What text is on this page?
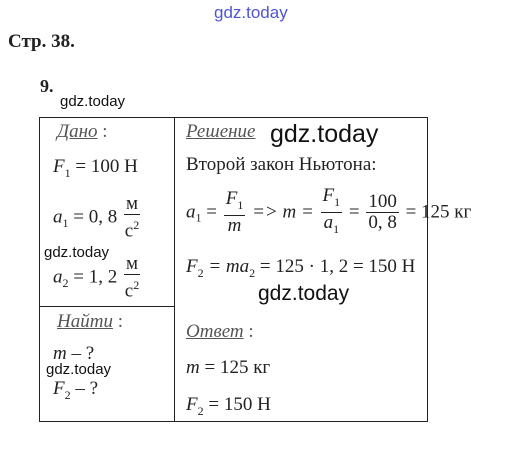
gdz.today
gdz.today
gdz.today
gdz.today
gdz.today
gdz.today
Стр. 38.
9.
Дано :
$F_1 = 100$ Н
$a_1 = 0$, $8 \frac{м}{с^2}$
$a_2 = 1$, $2 \frac{м}{с^2}$
Найти :
m – ?
$F_2$ – ?
Решение
Второй закон Ньютона:
$a_1 = \frac{F_1}{m} => m = \frac{F_1}{a_1} = \frac{100}{0, 8} = 125$ кг
$F_2 = ma_2 = 125 \cdot 1$, 2 = 150 Н
Ответ :
m = 125 кг
$F_2 = 150$ Н
